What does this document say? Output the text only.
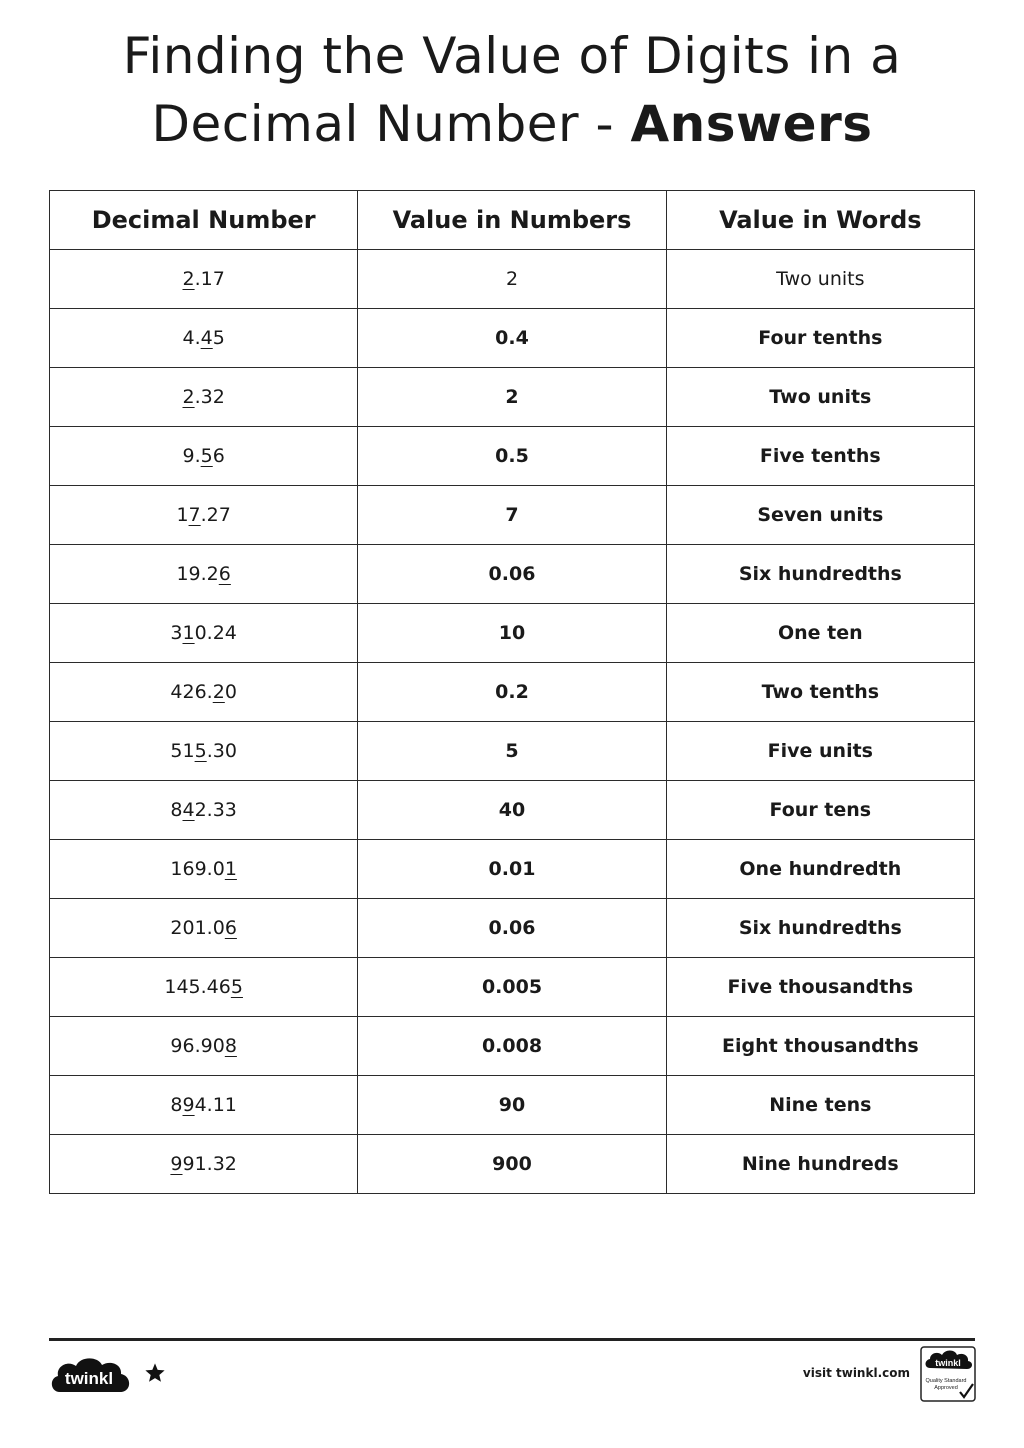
Finding the Value of Digits in a
Decimal Number - Answers
Decimal Number	Value in Numbers	Value in Words
2.17	2	Two units
4.45	0.4	Four tenths
2.32	2	Two units
9.56	0.5	Five tenths
17.27	7	Seven units
19.26	0.06	Six hundredths
310.24	10	One ten
426.20	0.2	Two tenths
515.30	5	Five units
842.33	40	Four tens
169.01	0.01	One hundredth
201.06	0.06	Six hundredths
145.465	0.005	Five thousandths
96.908	0.008	Eight thousandths
894.11	90	Nine tens
991.32	900	Nine hundreds
twinkl	visit twinkl.com
twinkl
Quality Standard
Approved
